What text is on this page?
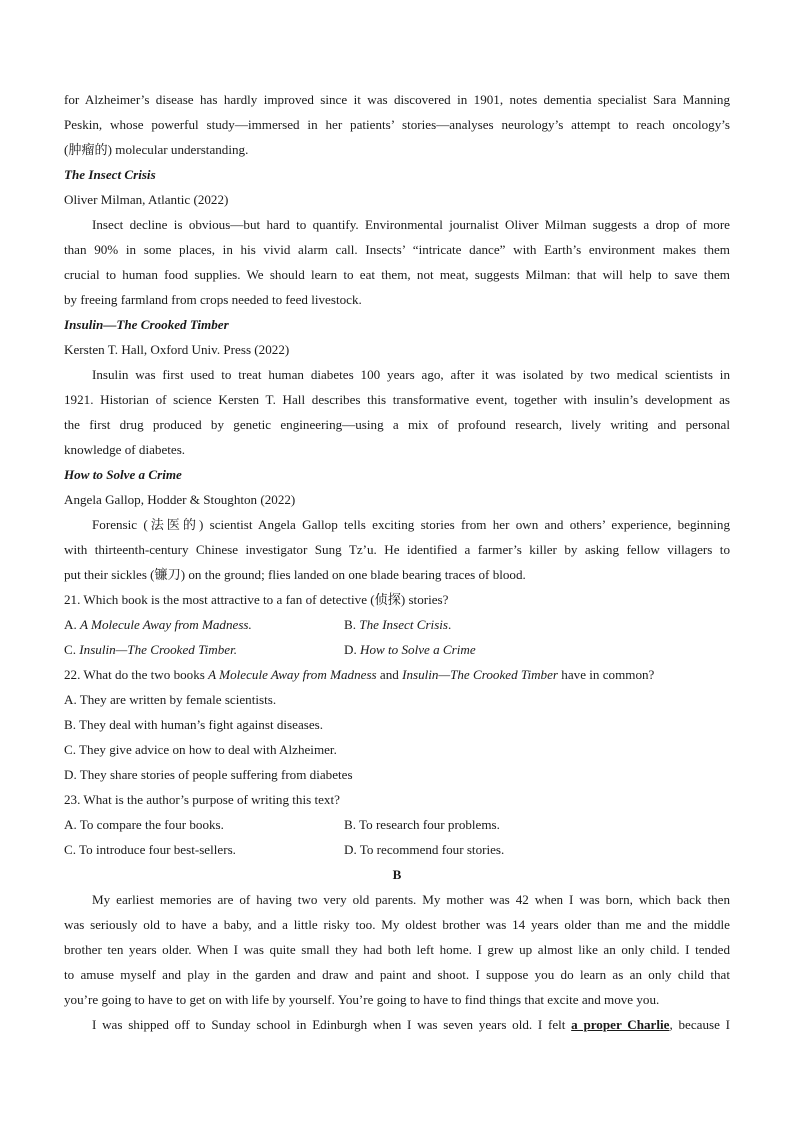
for Alzheimer’s disease has hardly improved since it was discovered in 1901, notes dementia specialist Sara Manning
Peskin, whose powerful study—immersed in her patients’ stories—analyses neurology’s attempt to reach oncology’s
(肿瘤的) molecular understanding.
The Insect Crisis
Oliver Milman, Atlantic (2022)
Insect decline is obvious—but hard to quantify. Environmental journalist Oliver Milman suggests a drop of more
than 90% in some places, in his vivid alarm call. Insects’ “intricate dance” with Earth’s environment makes them
crucial to human food supplies. We should learn to eat them, not meat, suggests Milman: that will help to save them
by freeing farmland from crops needed to feed livestock.
Insulin—The Crooked Timber
Kersten T. Hall, Oxford Univ. Press (2022)
Insulin was first used to treat human diabetes 100 years ago, after it was isolated by two medical scientists in
1921. Historian of science Kersten T. Hall describes this transformative event, together with insulin’s development as
the first drug produced by genetic engineering—using a mix of profound research, lively writing and personal
knowledge of diabetes.
How to Solve a Crime
Angela Gallop, Hodder & Stoughton (2022)
Forensic (法医的) scientist Angela Gallop tells exciting stories from her own and others’ experience, beginning
with thirteenth-century Chinese investigator Sung Tz’u. He identified a farmer’s killer by asking fellow villagers to
put their sickles (镰刀) on the ground; flies landed on one blade bearing traces of blood.
21. Which book is the most attractive to a fan of detective (侦探) stories?
A. A Molecule Away from Madness.	B. The Insect Crisis.
C. Insulin—The Crooked Timber.	D. How to Solve a Crime
22. What do the two books A Molecule Away from Madness and Insulin—The Crooked Timber have in common?
A. They are written by female scientists.
B. They deal with human’s fight against diseases.
C. They give advice on how to deal with Alzheimer.
D. They share stories of people suffering from diabetes
23. What is the author’s purpose of writing this text?
A. To compare the four books.	B. To research four problems.
C. To introduce four best-sellers.	D. To recommend four stories.
B
My earliest memories are of having two very old parents. My mother was 42 when I was born, which back then
was seriously old to have a baby, and a little risky too. My oldest brother was 14 years older than me and the middle
brother ten years older. When I was quite small they had both left home. I grew up almost like an only child. I tended
to amuse myself and play in the garden and draw and paint and shoot. I suppose you do learn as an only child that
you’re going to have to get on with life by yourself. You’re going to have to find things that excite and move you.
I was shipped off to Sunday school in Edinburgh when I was seven years old. I felt a proper Charlie, because I
